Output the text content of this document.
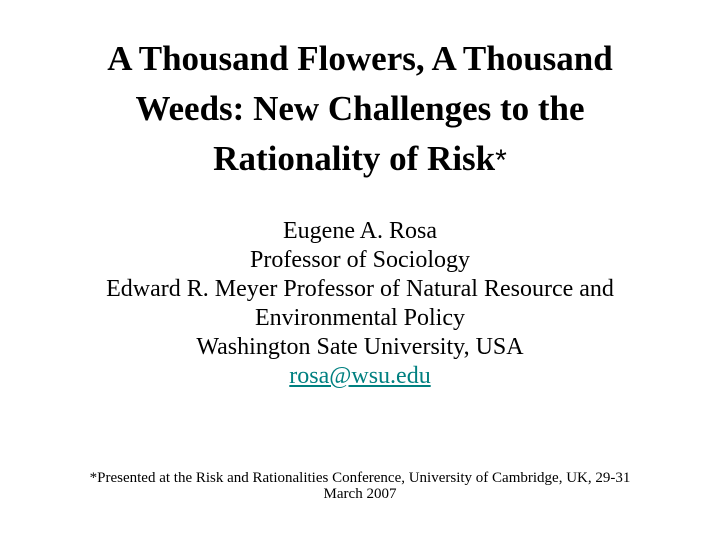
A Thousand Flowers, A Thousand
Weeds: New Challenges to the
Rationality of Risk*
Eugene A. Rosa
Professor of Sociology
Edward R. Meyer Professor of Natural Resource and
Environmental Policy
Washington Sate University, USA
rosa@wsu.edu
*Presented at the Risk and Rationalities Conference, University of Cambridge, UK, 29-31
March 2007
